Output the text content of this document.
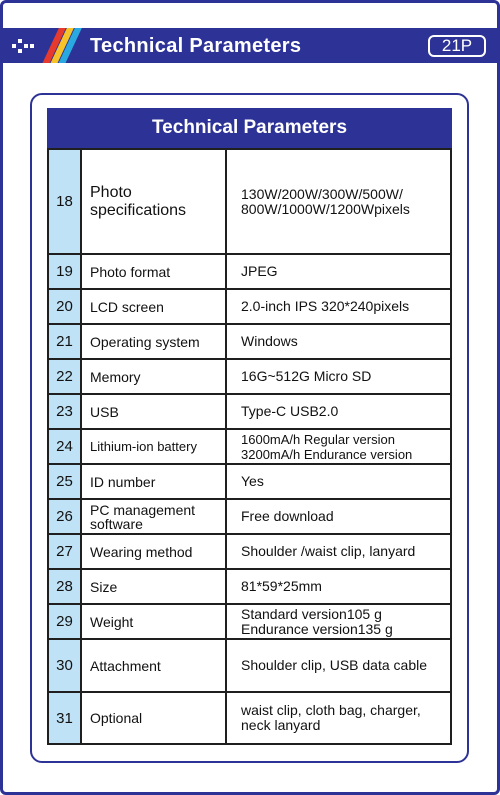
Technical Parameters	21P
Technical Parameters
18	Photo specifications	130W/200W/300W/500W/ 800W/1000W/1200Wpixels
19	Photo format	JPEG
20	LCD screen	2.0-inch IPS 320*240pixels
21	Operating system	Windows
22	Memory	16G~512G Micro SD
23	USB	Type-C USB2.0
24	Lithium-ion battery	1600mA/h Regular version 3200mA/h Endurance version
25	ID number	Yes
26	PC management software	Free download
27	Wearing method	Shoulder /waist clip, lanyard
28	Size	81*59*25mm
29	Weight	Standard version105 g Endurance version135 g
30	Attachment	Shoulder clip, USB data cable
31	Optional	waist clip, cloth bag, charger, neck lanyard
